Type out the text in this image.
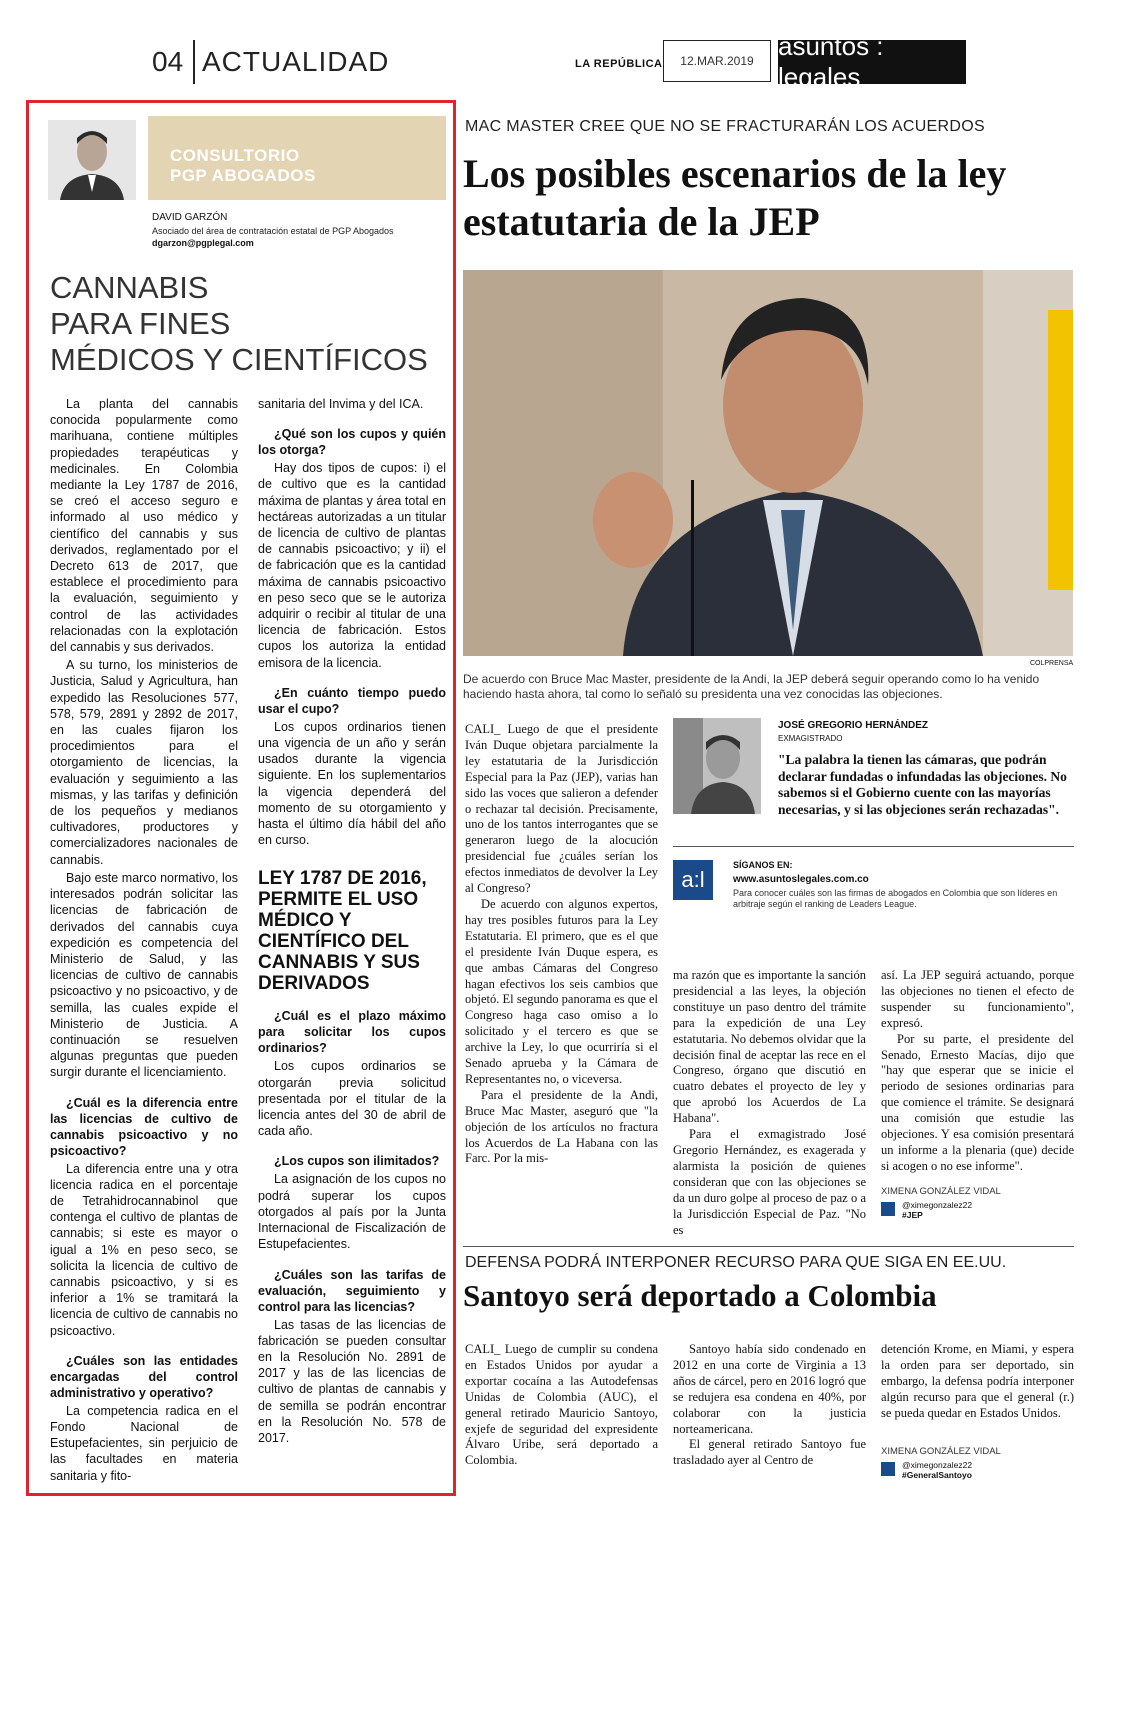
04 ACTUALIDAD	LA REPÚBLICA	12.MAR.2019 asuntos : legales
CONSULTORIO
PGP ABOGADOS
DAVID GARZÓN
Asociado del área de contratación estatal de PGP Abogados
dgarzon@pgplegal.com
CANNABIS
PARA FINES
MÉDICOS Y CIENTÍFICOS

La planta del cannabis conocida popularmente como marihuana, contiene múltiples propiedades terapéuticas y medicinales. En Colombia mediante la Ley 1787 de 2016, se creó el acceso seguro e informado al uso médico y científico del cannabis y sus derivados, reglamentado por el Decreto 613 de 2017, que establece el procedimiento para la evaluación, seguimiento y control de las actividades relacionadas con la explotación del cannabis y sus derivados.

A su turno, los ministerios de Justicia, Salud y Agricultura, han expedido las Resoluciones 577, 578, 579, 2891 y 2892 de 2017, en las cuales fijaron los procedimientos para el otorgamiento de licencias, la evaluación y seguimiento a las mismas, y las tarifas y definición de los pequeños y medianos cultivadores, productores y comercializadores nacionales de cannabis.

Bajo este marco normativo, los interesados podrán solicitar las licencias de fabricación de derivados del cannabis cuya expedición es competencia del Ministerio de Salud, y las licencias de cultivo de cannabis psicoactivo y no psicoactivo, y de semilla, las cuales expide el Ministerio de Justicia. A continuación se resuelven algunas preguntas que pueden surgir durante el licenciamiento.

¿Cuál es la diferencia entre las licencias de cultivo de cannabis psicoactivo y no psicoactivo?

La diferencia entre una y otra licencia radica en el porcentaje de Tetrahidrocannabinol que contenga el cultivo de plantas de cannabis; si este es mayor o igual a 1% en peso seco, se solicita la licencia de cultivo de cannabis psicoactivo, y si es inferior a 1% se tramitará la licencia de cultivo de cannabis no psicoactivo.

¿Cuáles son las entidades encargadas del control administrativo y operativo?

La competencia radica en el Fondo Nacional de Estupefacientes, sin perjuicio de las facultades en materia sanitaria y fito-

sanitaria del Invima y del ICA.

¿Qué son los cupos y quién los otorga?

Hay dos tipos de cupos: i) el de cultivo que es la cantidad máxima de plantas y área total en hectáreas autorizadas a un titular de licencia de cultivo de plantas de cannabis psicoactivo; y ii) el de fabricación que es la cantidad máxima de cannabis psicoactivo en peso seco que se le autoriza adquirir o recibir al titular de una licencia de fabricación. Estos cupos los autoriza la entidad emisora de la licencia.

¿En cuánto tiempo puedo usar el cupo?

Los cupos ordinarios tienen una vigencia de un año y serán usados durante la vigencia siguiente. En los suplementarios la vigencia dependerá del momento de su otorgamiento y hasta el último día hábil del año en curso.

LEY 1787 DE 2016, PERMITE EL USO MÉDICO Y CIENTÍFICO DEL CANNABIS Y SUS DERIVADOS
¿Cuál es el plazo máximo para solicitar los cupos ordinarios?

Los cupos ordinarios se otorgarán previa solicitud presentada por el titular de la licencia antes del 30 de abril de cada año.

¿Los cupos son ilimitados?

La asignación de los cupos no podrá superar los cupos otorgados al país por la Junta Internacional de Fiscalización de Estupefacientes.

¿Cuáles son las tarifas de evaluación, seguimiento y control para las licencias?

Las tasas de las licencias de fabricación se pueden consultar en la Resolución No. 2891 de 2017 y las de las licencias de cultivo de plantas de cannabis y de semilla se podrán encontrar en la Resolución No. 578 de 2017.

MAC MASTER CREE QUE NO SE FRACTURARÁN LOS ACUERDOS
Los posibles escenarios de la ley estatutaria de la JEP
COLPRENSA
De acuerdo con Bruce Mac Master, presidente de la Andi, la JEP deberá seguir operando como lo ha venido haciendo hasta ahora, tal como lo señaló su presidenta una vez conocidas las objeciones.

CALI_ Luego de que el presidente Iván Duque objetara parcialmente la ley estatutaria de la Jurisdicción Especial para la Paz (JEP), varias han sido las voces que salieron a defender o rechazar tal decisión. Precisamente, uno de los tantos interrogantes que se generaron luego de la alocución presidencial fue ¿cuáles serían los efectos inmediatos de devolver la Ley al Congreso?

De acuerdo con algunos expertos, hay tres posibles futuros para la Ley Estatutaria. El primero, que es el que el presidente Iván Duque espera, es que ambas Cámaras del Congreso hagan efectivos los seis cambios que objetó. El segundo panorama es que el Congreso haga caso omiso a lo solicitado y el tercero es que se archive la Ley, lo que ocurriría si el Senado aprueba y la Cámara de Representantes no, o viceversa.

Para el presidente de la Andi, Bruce Mac Master, aseguró que "la objeción de los artículos no fractura los Acuerdos de La Habana con las Farc. Por la mis-

JOSÉ GREGORIO HERNÁNDEZ
EXMAGISTRADO
"La palabra la tienen las cámaras, que podrán declarar fundadas o infundadas las objeciones. No sabemos si el Gobierno cuente con las mayorías necesarias, y si las objeciones serán rechazadas".
a:l
SÍGANOS EN:
www.asuntoslegales.com.co
Para conocer cuáles son las firmas de abogados en Colombia que son líderes en arbitraje según el ranking de Leaders League.

ma razón que es importante la sanción presidencial a las leyes, la objeción constituye un paso dentro del trámite para la expedición de una Ley estatutaria. No debemos olvidar que la decisión final de aceptar las rece en el Congreso, órgano que discutió en cuatro debates el proyecto de ley y que aprobó los Acuerdos de La Habana".

Para el exmagistrado José Gregorio Hernández, es exagerada y alarmista la posición de quienes consideran que con las objeciones se da un duro golpe al proceso de paz o a la Jurisdicción Especial de Paz. "No es

así. La JEP seguirá actuando, porque las objeciones no tienen el efecto de suspender su funcionamiento", expresó.

Por su parte, el presidente del Senado, Ernesto Macías, dijo que "hay que esperar que se inicie el periodo de sesiones ordinarias para que comience el trámite. Se designará una comisión que estudie las objeciones. Y esa comisión presentará un informe a la plenaria (que) decide si acogen o no ese informe".

XIMENA GONZÁLEZ VIDAL
@ximegonzalez22
#JEP
DEFENSA PODRÁ INTERPONER RECURSO PARA QUE SIGA EN EE.UU.
Santoyo será deportado a Colombia

CALI_ Luego de cumplir su condena en Estados Unidos por ayudar a exportar cocaína a las Autodefensas Unidas de Colombia (AUC), el general retirado Mauricio Santoyo, exjefe de seguridad del expresidente Álvaro Uribe, será deportado a Colombia.

Santoyo había sido condenado en 2012 en una corte de Virginia a 13 años de cárcel, pero en 2016 logró que se redujera esa condena en 40%, por colaborar con la justicia norteamericana.

El general retirado Santoyo fue trasladado ayer al Centro de

detención Krome, en Miami, y espera la orden para ser deportado, sin embargo, la defensa podría interponer algún recurso para que el general (r.) se pueda quedar en Estados Unidos.

XIMENA GONZÁLEZ VIDAL
@ximegonzalez22
#GeneralSantoyo
